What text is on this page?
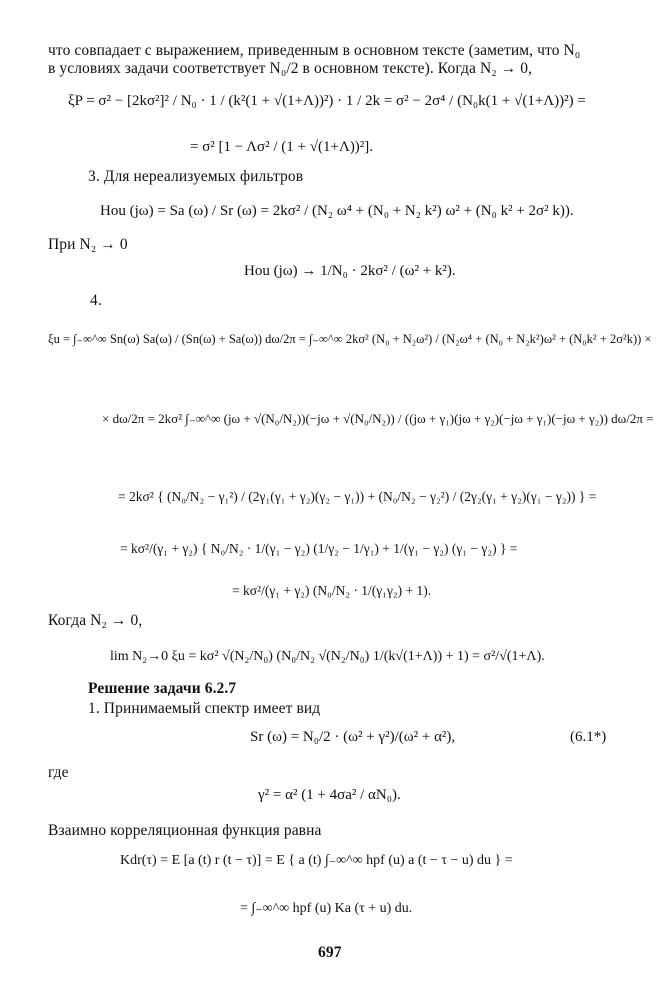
что совпадает с выражением, приведенным в основном тексте (заметим, что N₀
в условиях задачи соответствует N₀/2 в основном тексте). Когда N₂ → 0,
ξP = σ² − [2kσ²]² / N₀ · 1 / (k²(1 + √(1+Λ))²) · 1 / 2k = σ² − 2σ⁴ / (N₀k(1 + √(1+Λ))²) =
= σ² [1 − Λσ² / (1 + √(1+Λ))²].
3. Для нереализуемых фильтров
Hou (jω) = Sa (ω) / Sr (ω) = 2kσ² / (N₂ ω⁴ + (N₀ + N₂ k²) ω² + (N₀ k² + 2σ² k)).
При N₂ → 0
Hou (jω) → 1/N₀ · 2kσ² / (ω² + k²).
4.
ξu = ∫₋∞^∞ Sn(ω) Sa(ω) / (Sn(ω) + Sa(ω)) dω/2π = ∫₋∞^∞ 2kσ² (N₀ + N₂ω²) / (N₂ω⁴ + (N₀ + N₂k²)ω² + (N₀k² + 2σ²k)) ×
× dω/2π = 2kσ² ∫₋∞^∞ (jω + √(N₀/N₂))(−jω + √(N₀/N₂)) / ((jω + γ₁)(jω + γ₂)(−jω + γ₁)(−jω + γ₂)) dω/2π =
= 2kσ² { (N₀/N₂ − γ₁²) / (2γ₁(γ₁ + γ₂)(γ₂ − γ₁)) + (N₀/N₂ − γ₂²) / (2γ₂(γ₁ + γ₂)(γ₁ − γ₂)) } =
= kσ²/(γ₁ + γ₂) { N₀/N₂ · 1/(γ₁ − γ₂) (1/γ₂ − 1/γ₁) + 1/(γ₁ − γ₂) (γ₁ − γ₂) } =
= kσ²/(γ₁ + γ₂) (N₀/N₂ · 1/(γ₁γ₂) + 1).
Когда N₂ → 0,
lim N₂→0 ξu = kσ² √(N₂/N₀) (N₀/N₂ √(N₂/N₀) 1/(k√(1+Λ)) + 1) = σ²/√(1+Λ).
Решение задачи 6.2.7
1. Принимаемый спектр имеет вид
Sr (ω) = N₀/2 · (ω² + γ²)/(ω² + α²),	(6.1*)
где
γ² = α² (1 + 4σa² / αN₀).
Взаимно корреляционная функция равна
Kdr(τ) = E [a (t) r (t − τ)] = E { a (t) ∫₋∞^∞ hpf (u) a (t − τ − u) du } =
= ∫₋∞^∞ hpf (u) Ka (τ + u) du.
697
